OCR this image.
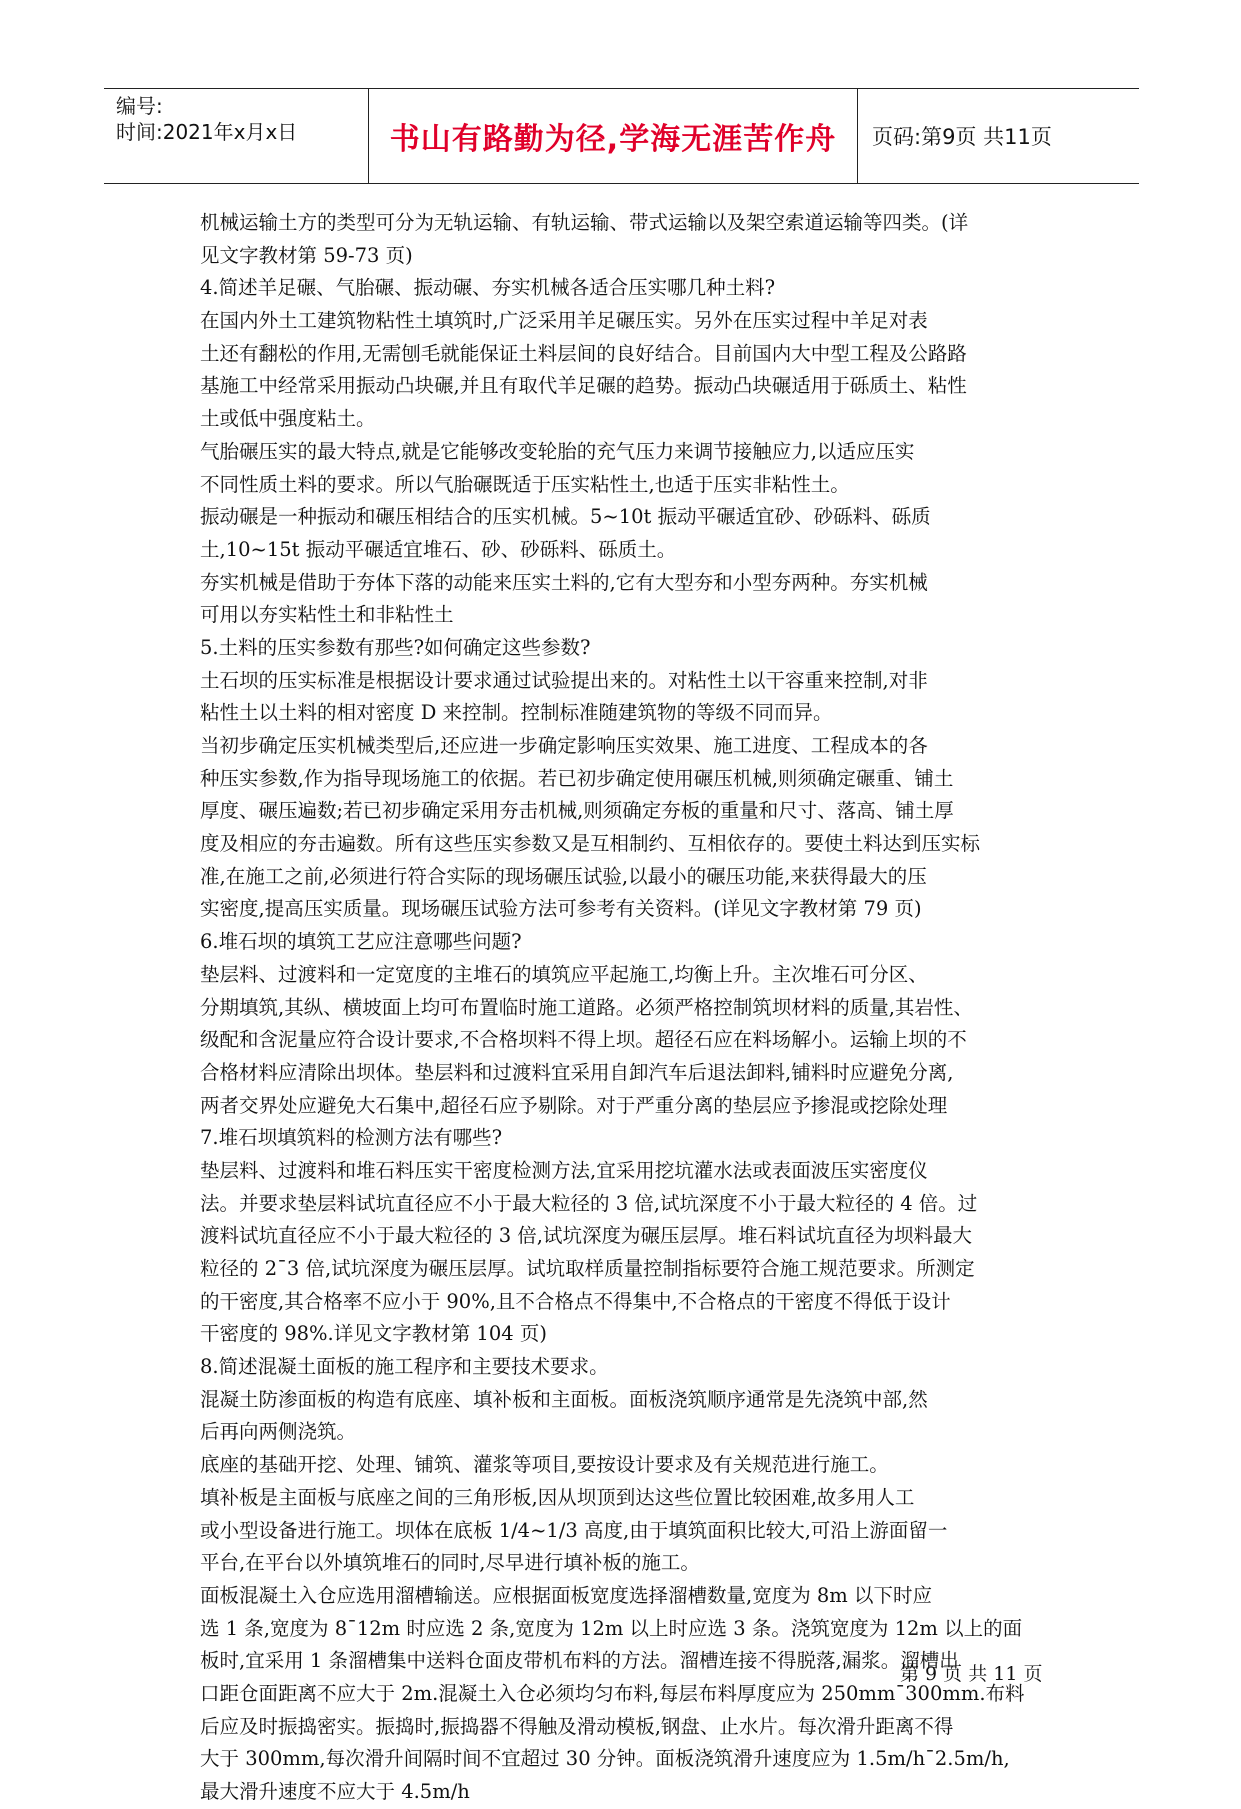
编号:
时间:2021年x月x日	书山有路勤为径,学海无涯苦作舟 页码:第9页 共11页
机械运输土方的类型可分为无轨运输、有轨运输、带式运输以及架空索道运输等四类。(详
见文字教材第 59-73 页)
4.简述羊足碾、气胎碾、振动碾、夯实机械各适合压实哪几种土料?
在国内外土工建筑物粘性土填筑时,广泛采用羊足碾压实。另外在压实过程中羊足对表
土还有翻松的作用,无需刨毛就能保证土料层间的良好结合。目前国内大中型工程及公路路
基施工中经常采用振动凸块碾,并且有取代羊足碾的趋势。振动凸块碾适用于砾质土、粘性
土或低中强度粘土。
气胎碾压实的最大特点,就是它能够改变轮胎的充气压力来调节接触应力,以适应压实
不同性质土料的要求。所以气胎碾既适于压实粘性土,也适于压实非粘性土。
振动碾是一种振动和碾压相结合的压实机械。5~10t 振动平碾适宜砂、砂砾料、砾质
土,10~15t 振动平碾适宜堆石、砂、砂砾料、砾质土。
夯实机械是借助于夯体下落的动能来压实土料的,它有大型夯和小型夯两种。夯实机械
可用以夯实粘性土和非粘性土
5.土料的压实参数有那些?如何确定这些参数?
土石坝的压实标准是根据设计要求通过试验提出来的。对粘性土以干容重来控制,对非
粘性土以土料的相对密度 D 来控制。控制标准随建筑物的等级不同而异。
当初步确定压实机械类型后,还应进一步确定影响压实效果、施工进度、工程成本的各
种压实参数,作为指导现场施工的依据。若已初步确定使用碾压机械,则须确定碾重、铺土
厚度、碾压遍数;若已初步确定采用夯击机械,则须确定夯板的重量和尺寸、落高、铺土厚
度及相应的夯击遍数。所有这些压实参数又是互相制约、互相依存的。要使土料达到压实标
准,在施工之前,必须进行符合实际的现场碾压试验,以最小的碾压功能,来获得最大的压
实密度,提高压实质量。现场碾压试验方法可参考有关资料。(详见文字教材第 79 页)
6.堆石坝的填筑工艺应注意哪些问题?
垫层料、过渡料和一定宽度的主堆石的填筑应平起施工,均衡上升。主次堆石可分区、
分期填筑,其纵、横坡面上均可布置临时施工道路。必须严格控制筑坝材料的质量,其岩性、
级配和含泥量应符合设计要求,不合格坝料不得上坝。超径石应在料场解小。运输上坝的不
合格材料应清除出坝体。垫层料和过渡料宜采用自卸汽车后退法卸料,铺料时应避免分离,
两者交界处应避免大石集中,超径石应予剔除。对于严重分离的垫层应予掺混或挖除处理
7.堆石坝填筑料的检测方法有哪些?
垫层料、过渡料和堆石料压实干密度检测方法,宜采用挖坑灌水法或表面波压实密度仪
法。并要求垫层料试坑直径应不小于最大粒径的 3 倍,试坑深度不小于最大粒径的 4 倍。过
渡料试坑直径应不小于最大粒径的 3 倍,试坑深度为碾压层厚。堆石料试坑直径为坝料最大
粒径的 2¯3 倍,试坑深度为碾压层厚。试坑取样质量控制指标要符合施工规范要求。所测定
的干密度,其合格率不应小于 90%,且不合格点不得集中,不合格点的干密度不得低于设计
干密度的 98%.详见文字教材第 104 页)
8.简述混凝土面板的施工程序和主要技术要求。
混凝土防渗面板的构造有底座、填补板和主面板。面板浇筑顺序通常是先浇筑中部,然
后再向两侧浇筑。
底座的基础开挖、处理、铺筑、灌浆等项目,要按设计要求及有关规范进行施工。
填补板是主面板与底座之间的三角形板,因从坝顶到达这些位置比较困难,故多用人工
或小型设备进行施工。坝体在底板 1/4~1/3 高度,由于填筑面积比较大,可沿上游面留一
平台,在平台以外填筑堆石的同时,尽早进行填补板的施工。
面板混凝土入仓应选用溜槽输送。应根据面板宽度选择溜槽数量,宽度为 8m 以下时应
选 1 条,宽度为 8¯12m 时应选 2 条,宽度为 12m 以上时应选 3 条。浇筑宽度为 12m 以上的面
板时,宜采用 1 条溜槽集中送料仓面皮带机布料的方法。溜槽连接不得脱落,漏浆。溜槽出
口距仓面距离不应大于 2m.混凝土入仓必须均匀布料,每层布料厚度应为 250mm¯300mm.布料
后应及时振捣密实。振捣时,振捣器不得触及滑动模板,钢盘、止水片。每次滑升距离不得
大于 300mm,每次滑升间隔时间不宜超过 30 分钟。面板浇筑滑升速度应为 1.5m/h¯2.5m/h,
最大滑升速度不应大于 4.5m/h
第 9 页 共 11 页
